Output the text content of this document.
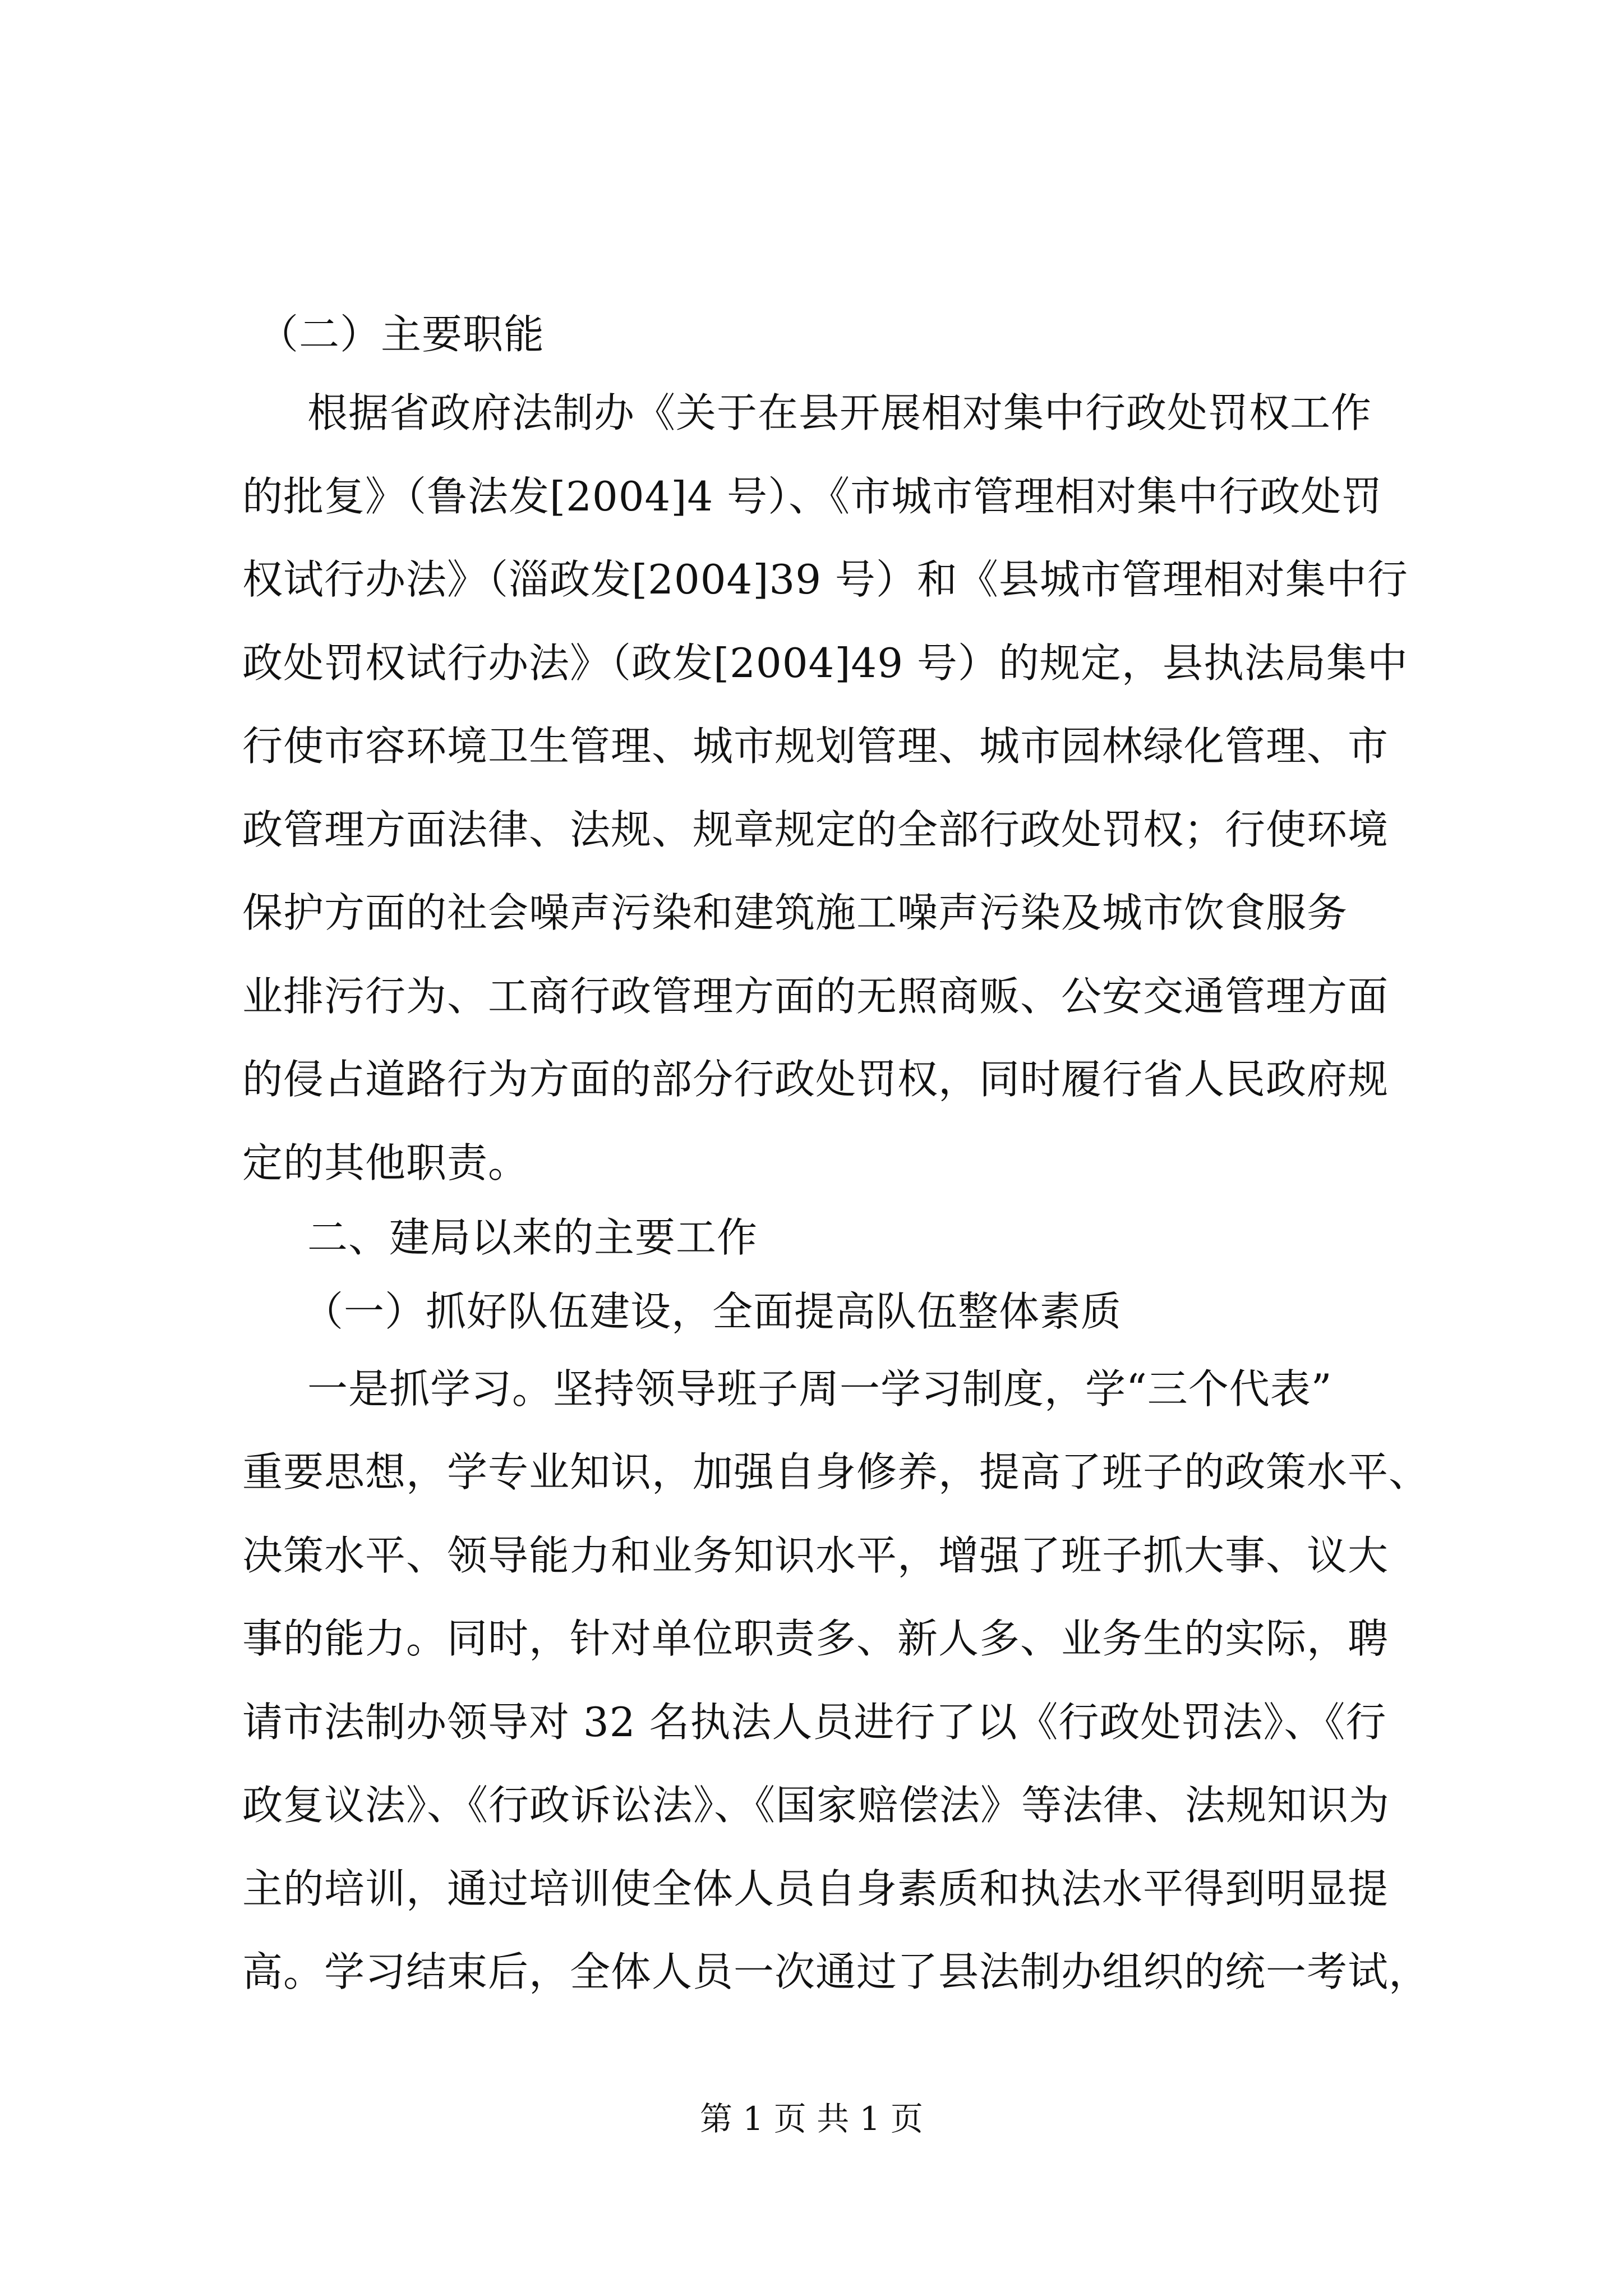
（二）主要职能
根据省政府法制办《关于在县开展相对集中行政处罚权工作
的批复》（鲁法发[2004]4 号）、《市城市管理相对集中行政处罚
权试行办法》（淄政发[2004]39 号）和《县城市管理相对集中行
政处罚权试行办法》（政发[2004]49 号）的规定，县执法局集中
行使市容环境卫生管理、城市规划管理、城市园林绿化管理、市
政管理方面法律、法规、规章规定的全部行政处罚权；行使环境
保护方面的社会噪声污染和建筑施工噪声污染及城市饮食服务
业排污行为、工商行政管理方面的无照商贩、公安交通管理方面
的侵占道路行为方面的部分行政处罚权，同时履行省人民政府规
定的其他职责。
二、建局以来的主要工作
（一）抓好队伍建设，全面提高队伍整体素质
一是抓学习。坚持领导班子周一学习制度，学“三个代表”
重要思想，学专业知识，加强自身修养，提高了班子的政策水平、
决策水平、领导能力和业务知识水平，增强了班子抓大事、议大
事的能力。同时，针对单位职责多、新人多、业务生的实际，聘
请市法制办领导对 32 名执法人员进行了以《行政处罚法》、《行
政复议法》、《行政诉讼法》、《国家赔偿法》等法律、法规知识为
主的培训，通过培训使全体人员自身素质和执法水平得到明显提
高。学习结束后，全体人员一次通过了县法制办组织的统一考试，
第 1 页 共 1 页
